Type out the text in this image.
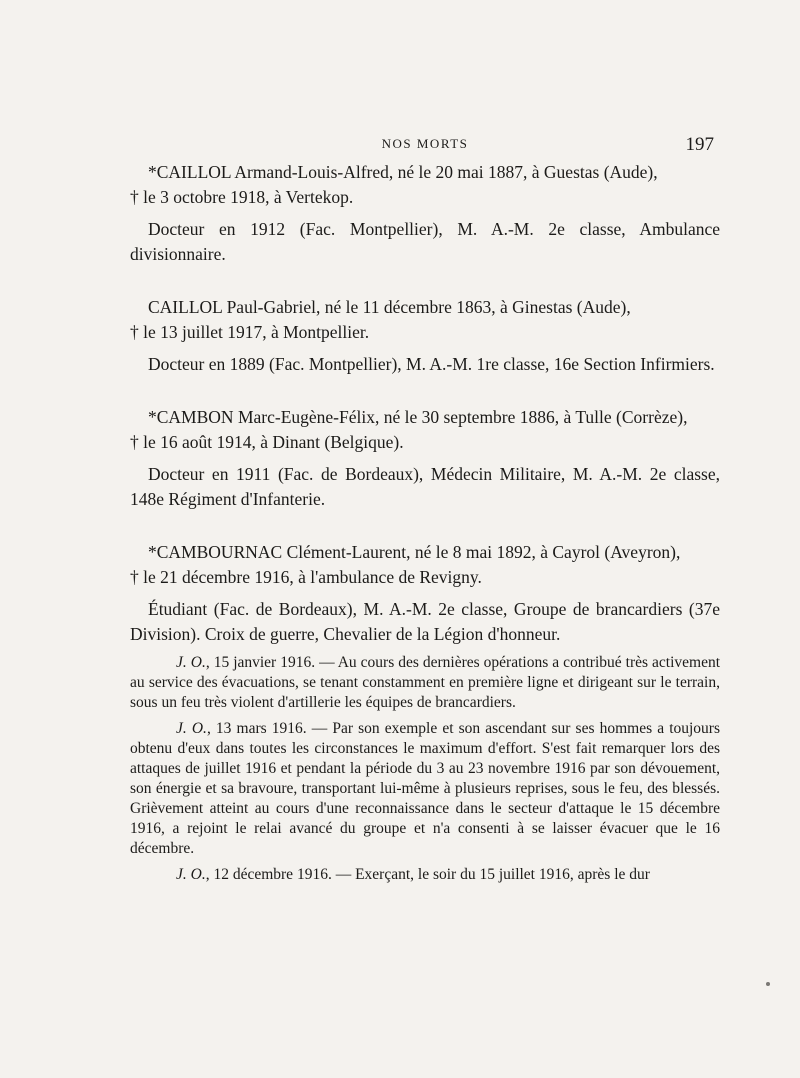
NOS MORTS	197

*CAILLOL Armand-Louis-Alfred, né le 20 mai 1887, à Guestas (Aude),

† le 3 octobre 1918, à Vertekop.

Docteur en 1912 (Fac. Montpellier), M. A.-M. 2e classe, Ambulance divisionnaire.

CAILLOL Paul-Gabriel, né le 11 décembre 1863, à Ginestas (Aude),

† le 13 juillet 1917, à Montpellier.

Docteur en 1889 (Fac. Montpellier), M. A.-M. 1re classe, 16e Section Infirmiers.

*CAMBON Marc-Eugène-Félix, né le 30 septembre 1886, à Tulle (Corrèze),

† le 16 août 1914, à Dinant (Belgique).

Docteur en 1911 (Fac. de Bordeaux), Médecin Militaire, M. A.-M. 2e classe, 148e Régiment d'Infanterie.

*CAMBOURNAC Clément-Laurent, né le 8 mai 1892, à Cayrol (Aveyron),

† le 21 décembre 1916, à l'ambulance de Revigny.

Étudiant (Fac. de Bordeaux), M. A.-M. 2e classe, Groupe de brancardiers (37e Division). Croix de guerre, Chevalier de la Légion d'honneur.

J. O., 15 janvier 1916. — Au cours des dernières opérations a contribué très activement au service des évacuations, se tenant constamment en première ligne et dirigeant sur le terrain, sous un feu très violent d'artillerie les équipes de brancardiers.

J. O., 13 mars 1916. — Par son exemple et son ascendant sur ses hommes a toujours obtenu d'eux dans toutes les circonstances le maximum d'effort. S'est fait remarquer lors des attaques de juillet 1916 et pendant la période du 3 au 23 novembre 1916 par son dévouement, son énergie et sa bravoure, transportant lui-même à plusieurs reprises, sous le feu, des blessés. Grièvement atteint au cours d'une reconnaissance dans le secteur d'attaque le 15 décembre 1916, a rejoint le relai avancé du groupe et n'a consenti à se laisser évacuer que le 16 décembre.

J. O., 12 décembre 1916. — Exerçant, le soir du 15 juillet 1916, après le dur
